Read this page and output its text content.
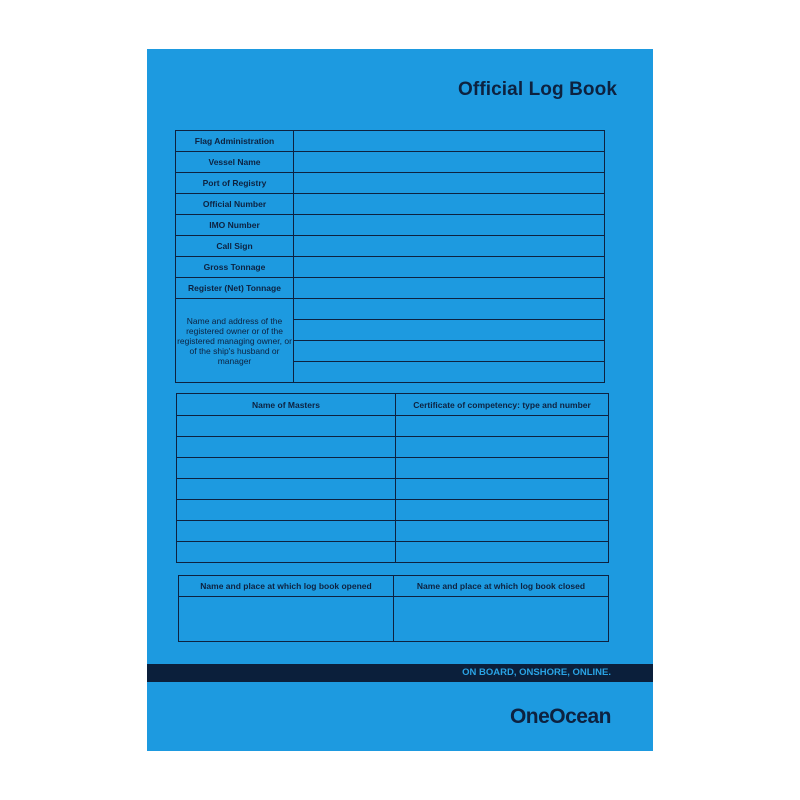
Official Log Book
Flag Administration	
Vessel Name	
Port of Registry	
Official Number	
IMO Number	
Call Sign	
Gross Tonnage	
Register (Net) Tonnage	
Name and address of the registered owner or of the registered managing owner, or of the ship's husband or manager	

Name of Masters	Certificate of competency: type and number

Name and place at which log book opened	Name and place at which log book closed

ON BOARD, ONSHORE, ONLINE.
OneOcean
